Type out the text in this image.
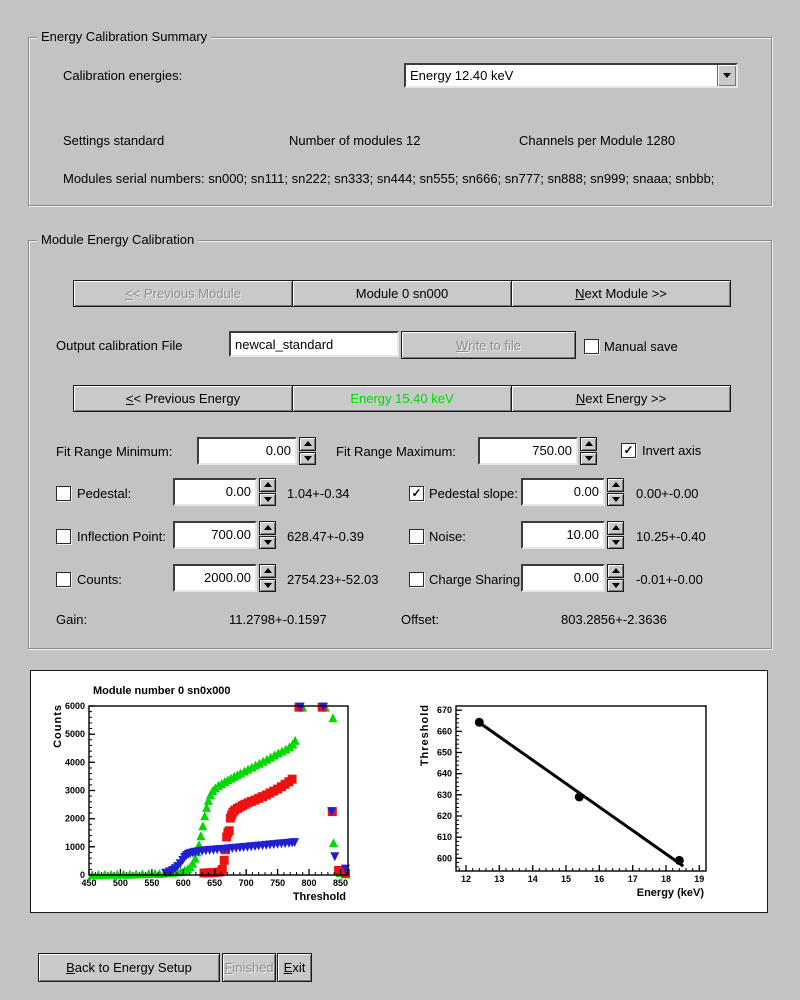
Energy Calibration Summary
Calibration energies:	Energy 12.40 keV
Settings standard	Number of modules 12	Channels per Module 1280
Modules serial numbers: sn000; sn111; sn222; sn333; sn444; sn555; sn666; sn777; sn888; sn999; snaaa; snbbb;
Module Energy Calibration
< < Previous Module	Module 0 sn000	N ext Module >>
Output calibration File
newcal_standard	W rite to file	Manual save
< < Previous Energy	Energy 15.40 keV	N ext Energy >>
Fit Range Minimum:	0.00	Fit Range Maximum:	750.00 ✓	Invert axis
Pedestal:	0.00	1.04+-0.34 ✓	Pedestal slope:	0.00	0.00+-0.00
Inflection Point:	700.00	628.47+-0.39	Noise:	10.00	10.25+-0.40
Counts:	2000.00	2754.23+-52.03	Charge Sharing	0.00	-0.01+-0.00
Gain:	11.2798+-0.1597	Offset:	803.2856+-2.3636
450 500 550 600 650 700 750 800 850
0
1000
2000
3000
4000
5000
6000
Module number 0 sn0x000
Threshold
Counts
12	13	14	15	16	17	18	19
600
610
620
630
640
650
660
670
Energy (keV)
Threshold
B ack to Energy Setup	F inished E xit
